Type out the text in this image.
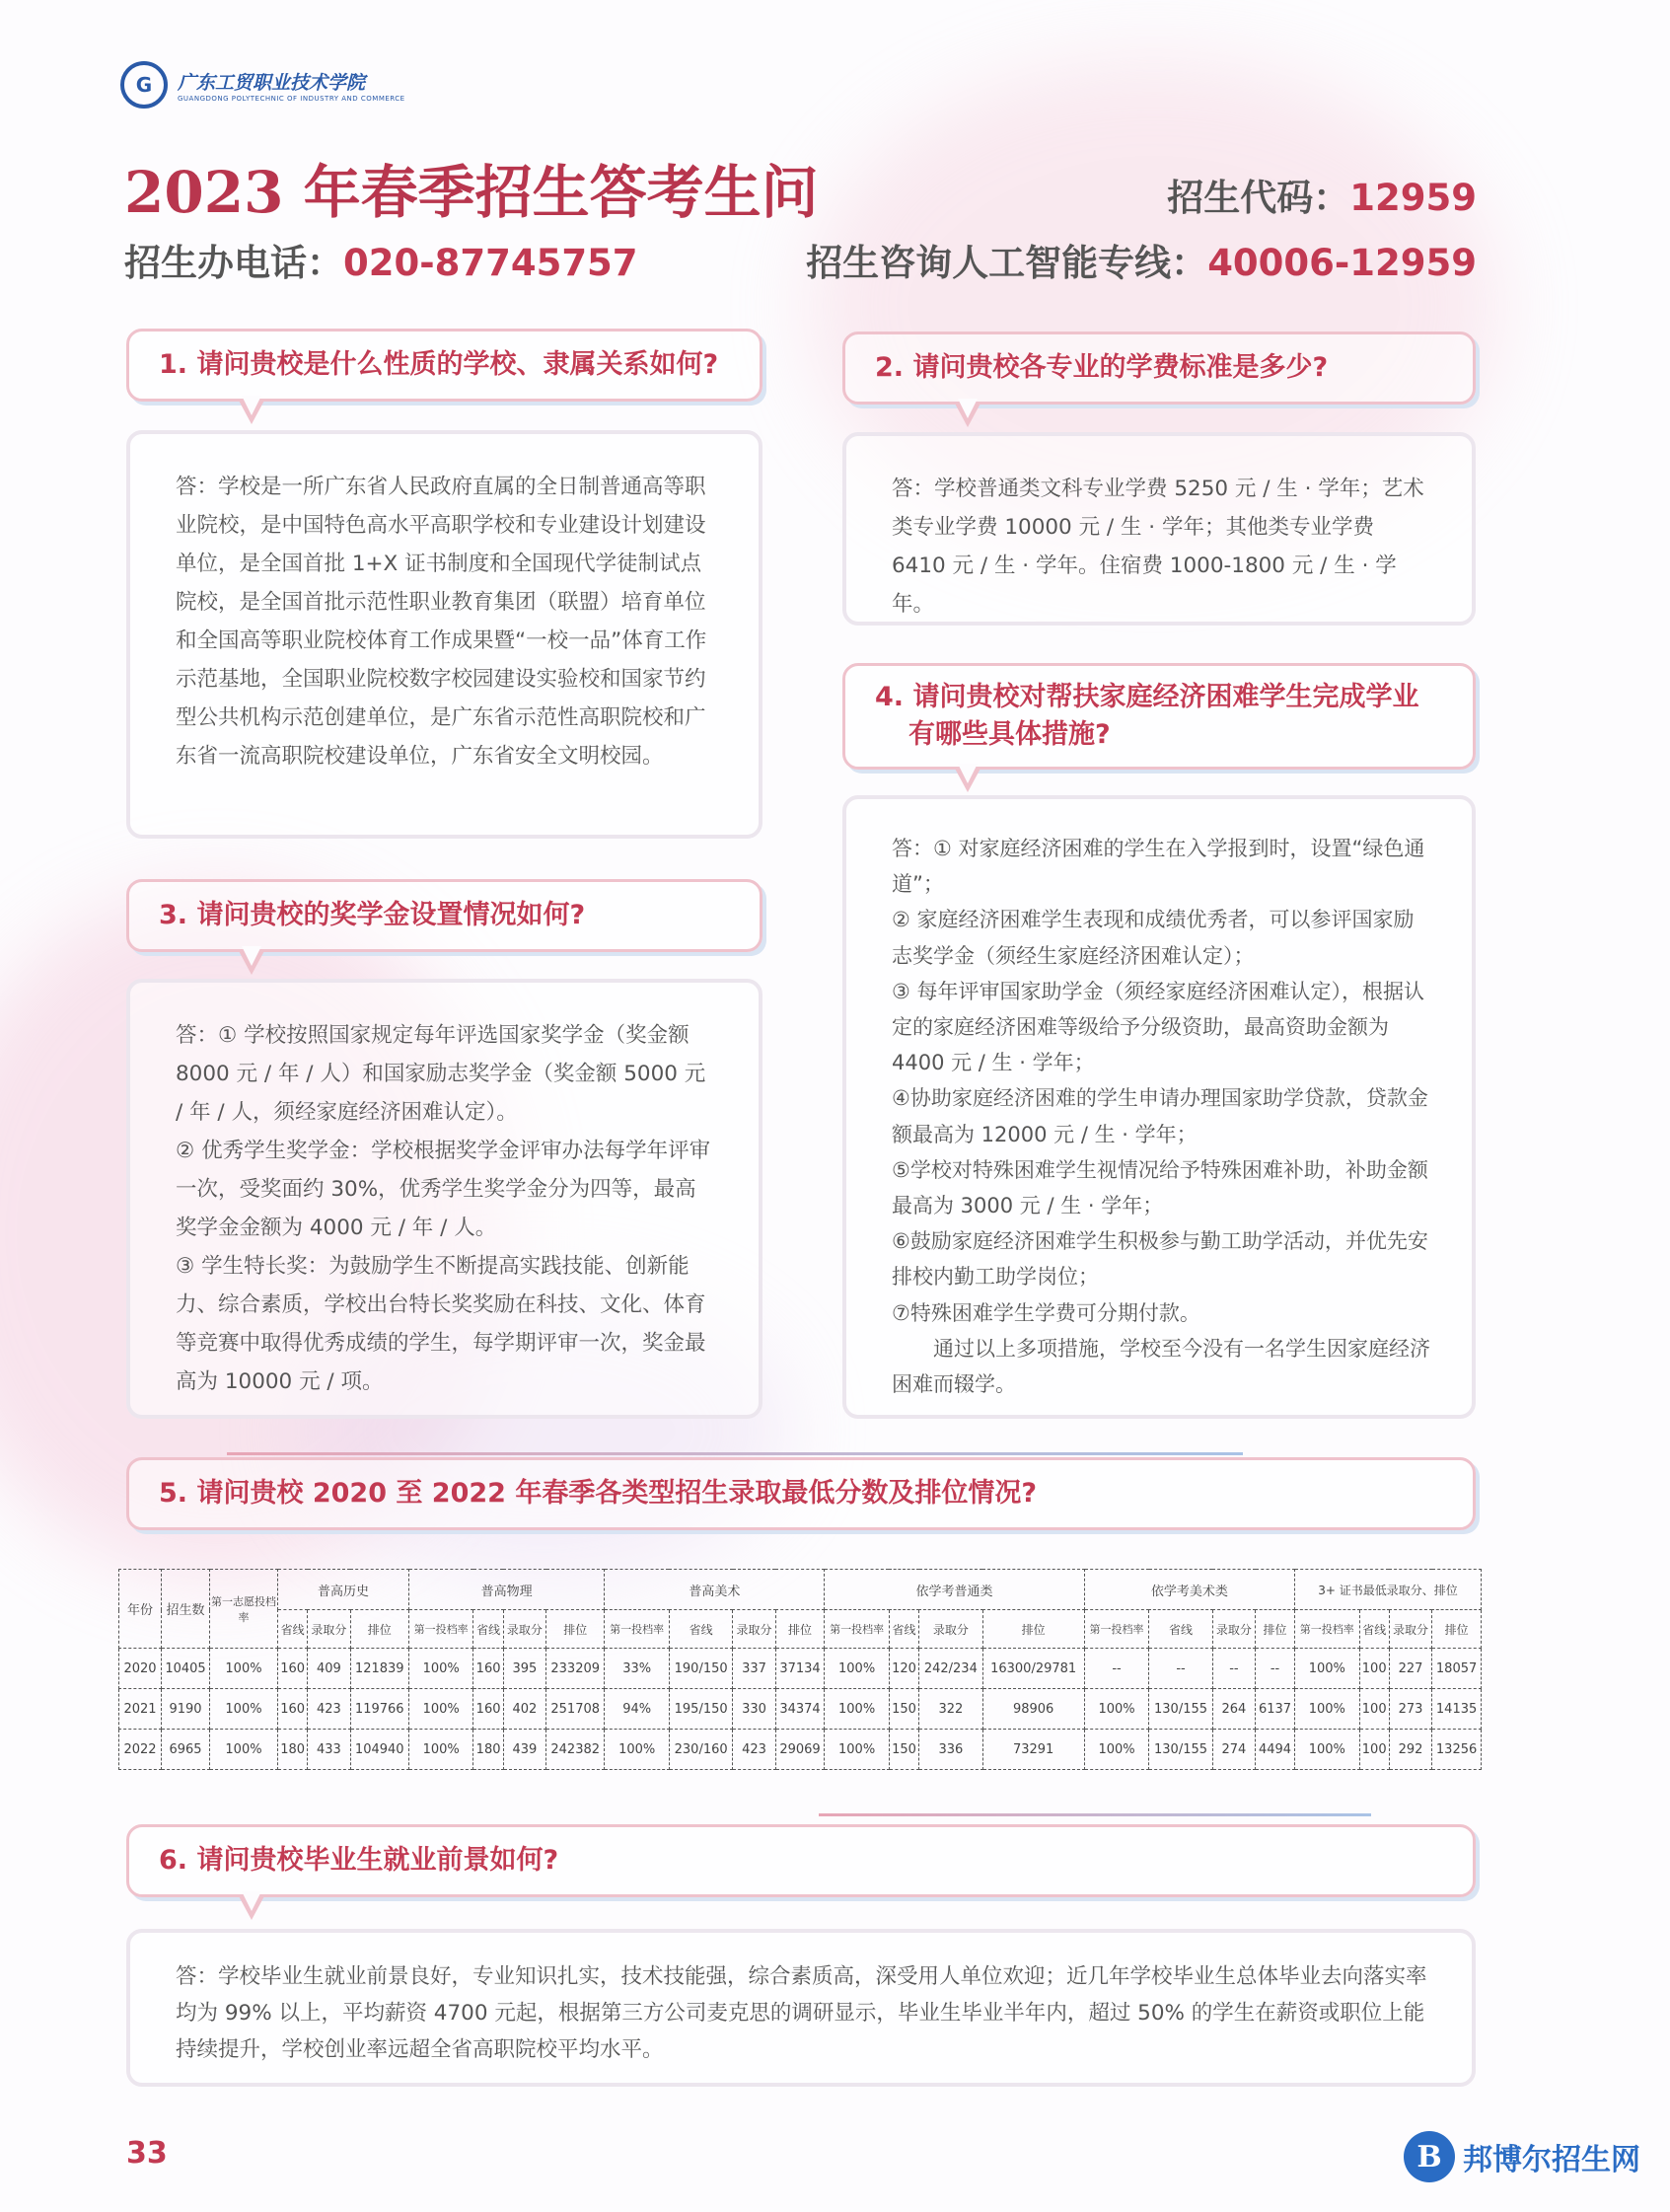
G	广东工贸职业技术学院
GUANGDONG POLYTECHNIC OF INDUSTRY AND COMMERCE
2023 年春季招生答考生问	招生代码：12959
招生办电话：020-87745757	招生咨询人工智能专线：40006-12959
1. 请问贵校是什么性质的学校、隶属关系如何?

答：学校是一所广东省人民政府直属的全日制普通高等职业院校，是中国特色高水平高职学校和专业建设计划建设单位，是全国首批 1+X 证书制度和全国现代学徒制试点院校，是全国首批示范性职业教育集团（联盟）培育单位和全国高等职业院校体育工作成果暨“一校一品”体育工作示范基地，全国职业院校数字校园建设实验校和国家节约型公共机构示范创建单位，是广东省示范性高职院校和广东省一流高职院校建设单位，广东省安全文明校园。

2. 请问贵校各专业的学费标准是多少?

答：学校普通类文科专业学费 5250 元 / 生 · 学年；艺术类专业学费 10000 元 / 生 · 学年；其他类专业学费 6410 元 / 生 · 学年。住宿费 1000-1800 元 / 生 · 学年。

3. 请问贵校的奖学金设置情况如何?

答：① 学校按照国家规定每年评选国家奖学金（奖金额 8000 元 / 年 / 人）和国家励志奖学金（奖金额 5000 元 / 年 / 人，须经家庭经济困难认定）。

② 优秀学生奖学金：学校根据奖学金评审办法每学年评审一次，受奖面约 30%，优秀学生奖学金分为四等，最高奖学金金额为 4000 元 / 年 / 人。

③ 学生特长奖：为鼓励学生不断提高实践技能、创新能力、综合素质，学校出台特长奖奖励在科技、文化、体育等竞赛中取得优秀成绩的学生，每学期评审一次，奖金最高为 10000 元 / 项。

4. 请问贵校对帮扶家庭经济困难学生完成学业
有哪些具体措施?

答：① 对家庭经济困难的学生在入学报到时，设置“绿色通道”；

② 家庭经济困难学生表现和成绩优秀者，可以参评国家励志奖学金（须经生家庭经济困难认定）；

③ 每年评审国家助学金（须经家庭经济困难认定），根据认定的家庭经济困难等级给予分级资助，最高资助金额为 4400 元 / 生 · 学年；

④协助家庭经济困难的学生申请办理国家助学贷款，贷款金额最高为 12000 元 / 生 · 学年；

⑤学校对特殊困难学生视情况给予特殊困难补助，补助金额最高为 3000 元 / 生 · 学年；

⑥鼓励家庭经济困难学生积极参与勤工助学活动，并优先安排校内勤工助学岗位；

⑦特殊困难学生学费可分期付款。

通过以上多项措施，学校至今没有一名学生因家庭经济困难而辍学。

5. 请问贵校 2020 至 2022 年春季各类型招生录取最低分数及排位情况?
年份	招生数	第一志愿投档率	普高历史			普高物理				普高美术				依学考普通类				依学考美术类				3+ 证书最低录取分、排位			
			省线	录取分	排位	第一投档率	省线	录取分	排位	第一投档率	省线	录取分	排位	第一投档率	省线	录取分	排位	第一投档率	省线	录取分	排位	第一投档率	省线	录取分	排位
2020	10405	100%	160	409	121839	100%	160	395	233209	33%	190/150	337	37134	100%	120	242/234	16300/29781	--	--	--	--	100%	100	227	18057
2021	9190	100%	160	423	119766	100%	160	402	251708	94%	195/150	330	34374	100%	150	322	98906	100%	130/155	264	6137	100%	100	273	14135
2022	6965	100%	180	433	104940	100%	180	439	242382	100%	230/160	423	29069	100%	150	336	73291	100%	130/155	274	4494	100%	100	292	13256
6. 请问贵校毕业生就业前景如何?

答：学校毕业生就业前景良好，专业知识扎实，技术技能强，综合素质高，深受用人单位欢迎；近几年学校毕业生总体毕业去向落实率均为 99% 以上，平均薪资 4700 元起，根据第三方公司麦克思的调研显示，毕业生毕业半年内，超过 50% 的学生在薪资或职位上能持续提升，学校创业率远超全省高职院校平均水平。

33	B 邦博尔招生网
